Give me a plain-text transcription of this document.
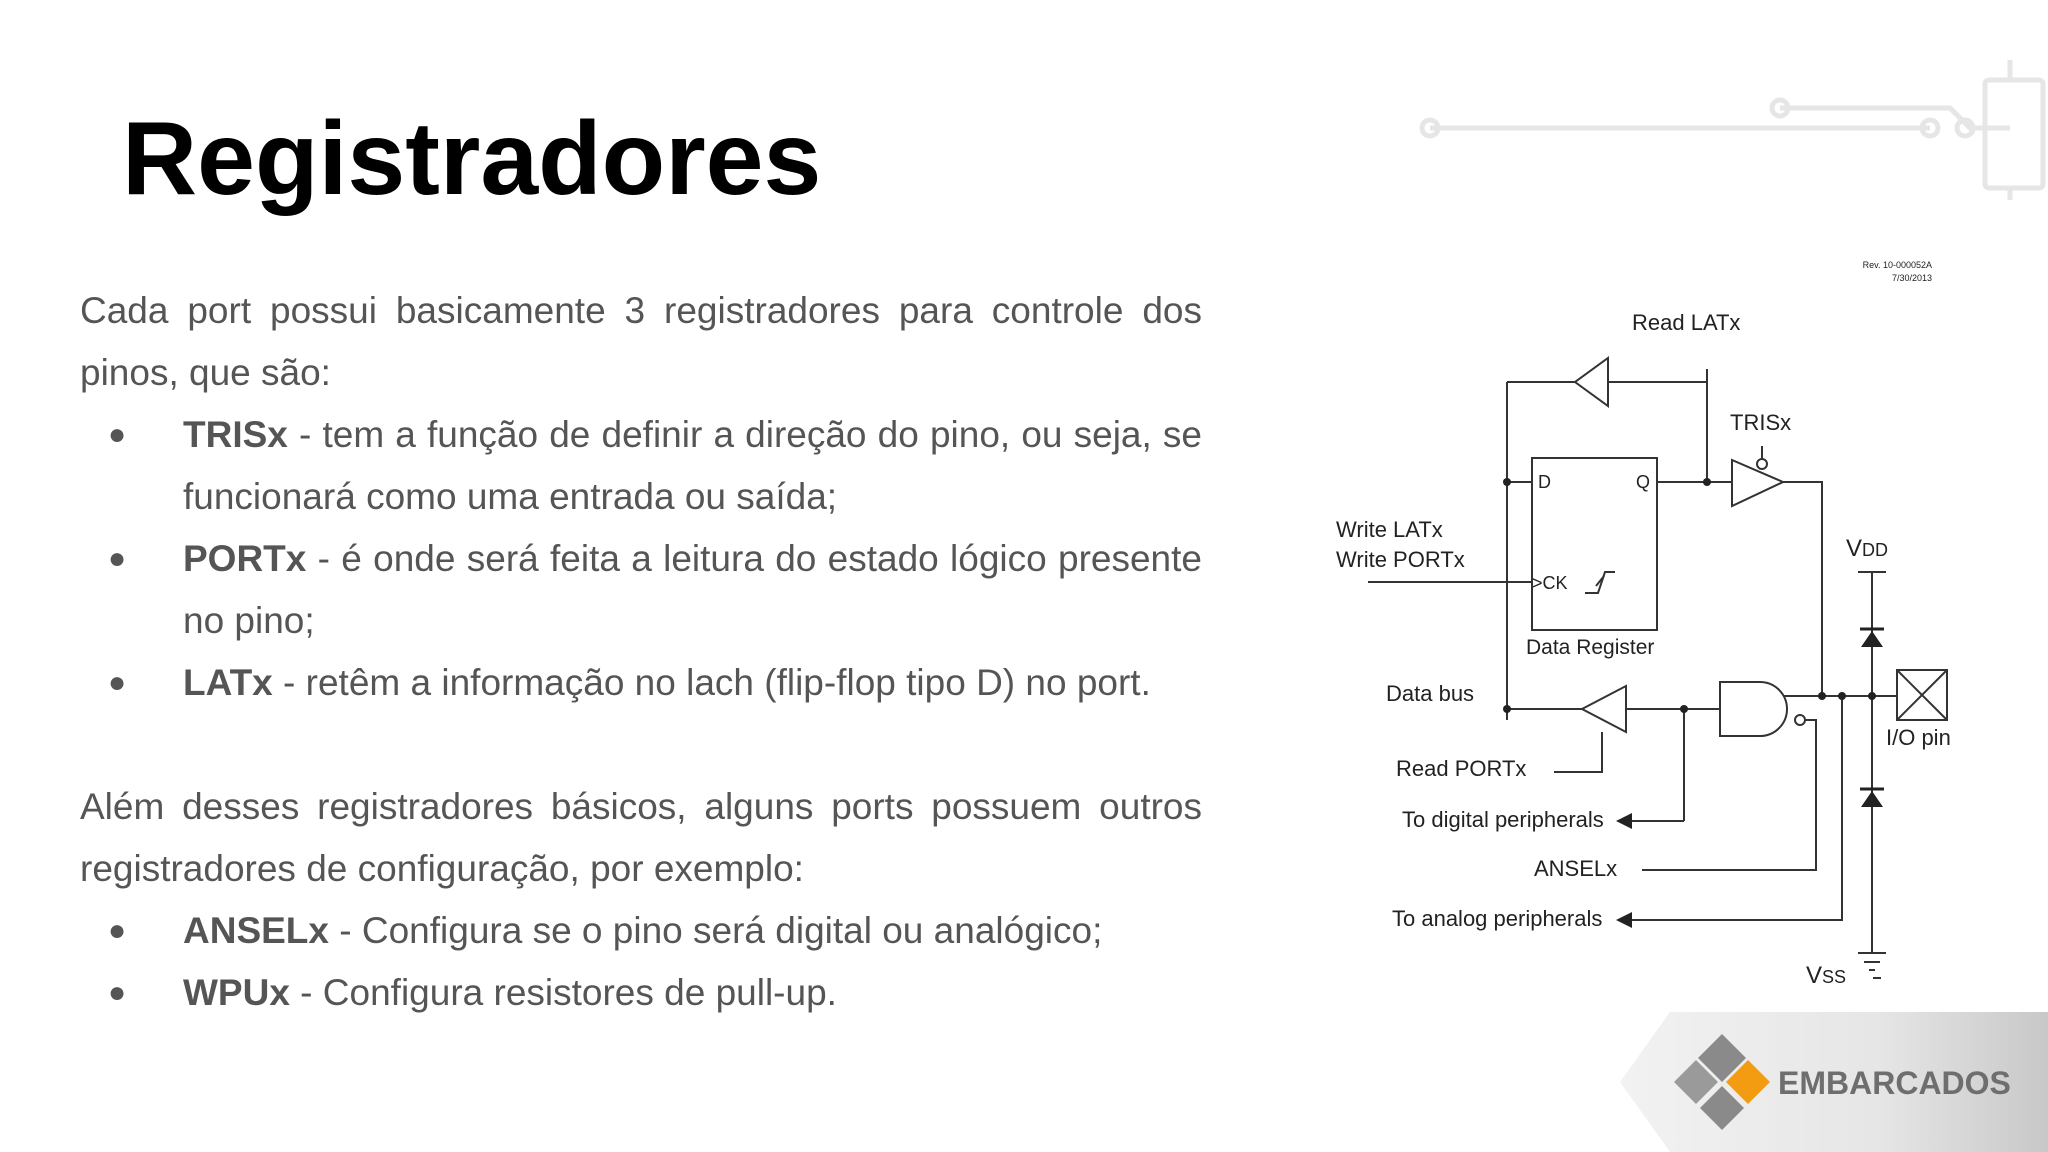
Registradores
Cada port possui basicamente 3 registradores para controle dos pinos, que são:
● TRISx - tem a função de definir a direção do pino, ou seja, se funcionará como uma entrada ou saída;
● PORTx - é onde será feita a leitura do estado lógico presente no pino;
● LATx - retêm a informação no lach (flip-flop tipo D) no port.
Além desses registradores básicos, alguns ports possuem outros registradores de configuração, por exemplo:
● ANSELx - Configura se o pino será digital ou analógico;
● WPUx - Configura resistores de pull-up.
Rev. 10-000052A
7/30/2013
Read LATx
TRISx
Write LATx
Write PORTx
D	Q
>CK
Data Register
VDD
Data bus
I/O pin
Read PORTx
To digital peripherals
ANSELx
To analog peripherals
VSS
EMBARCADOS
